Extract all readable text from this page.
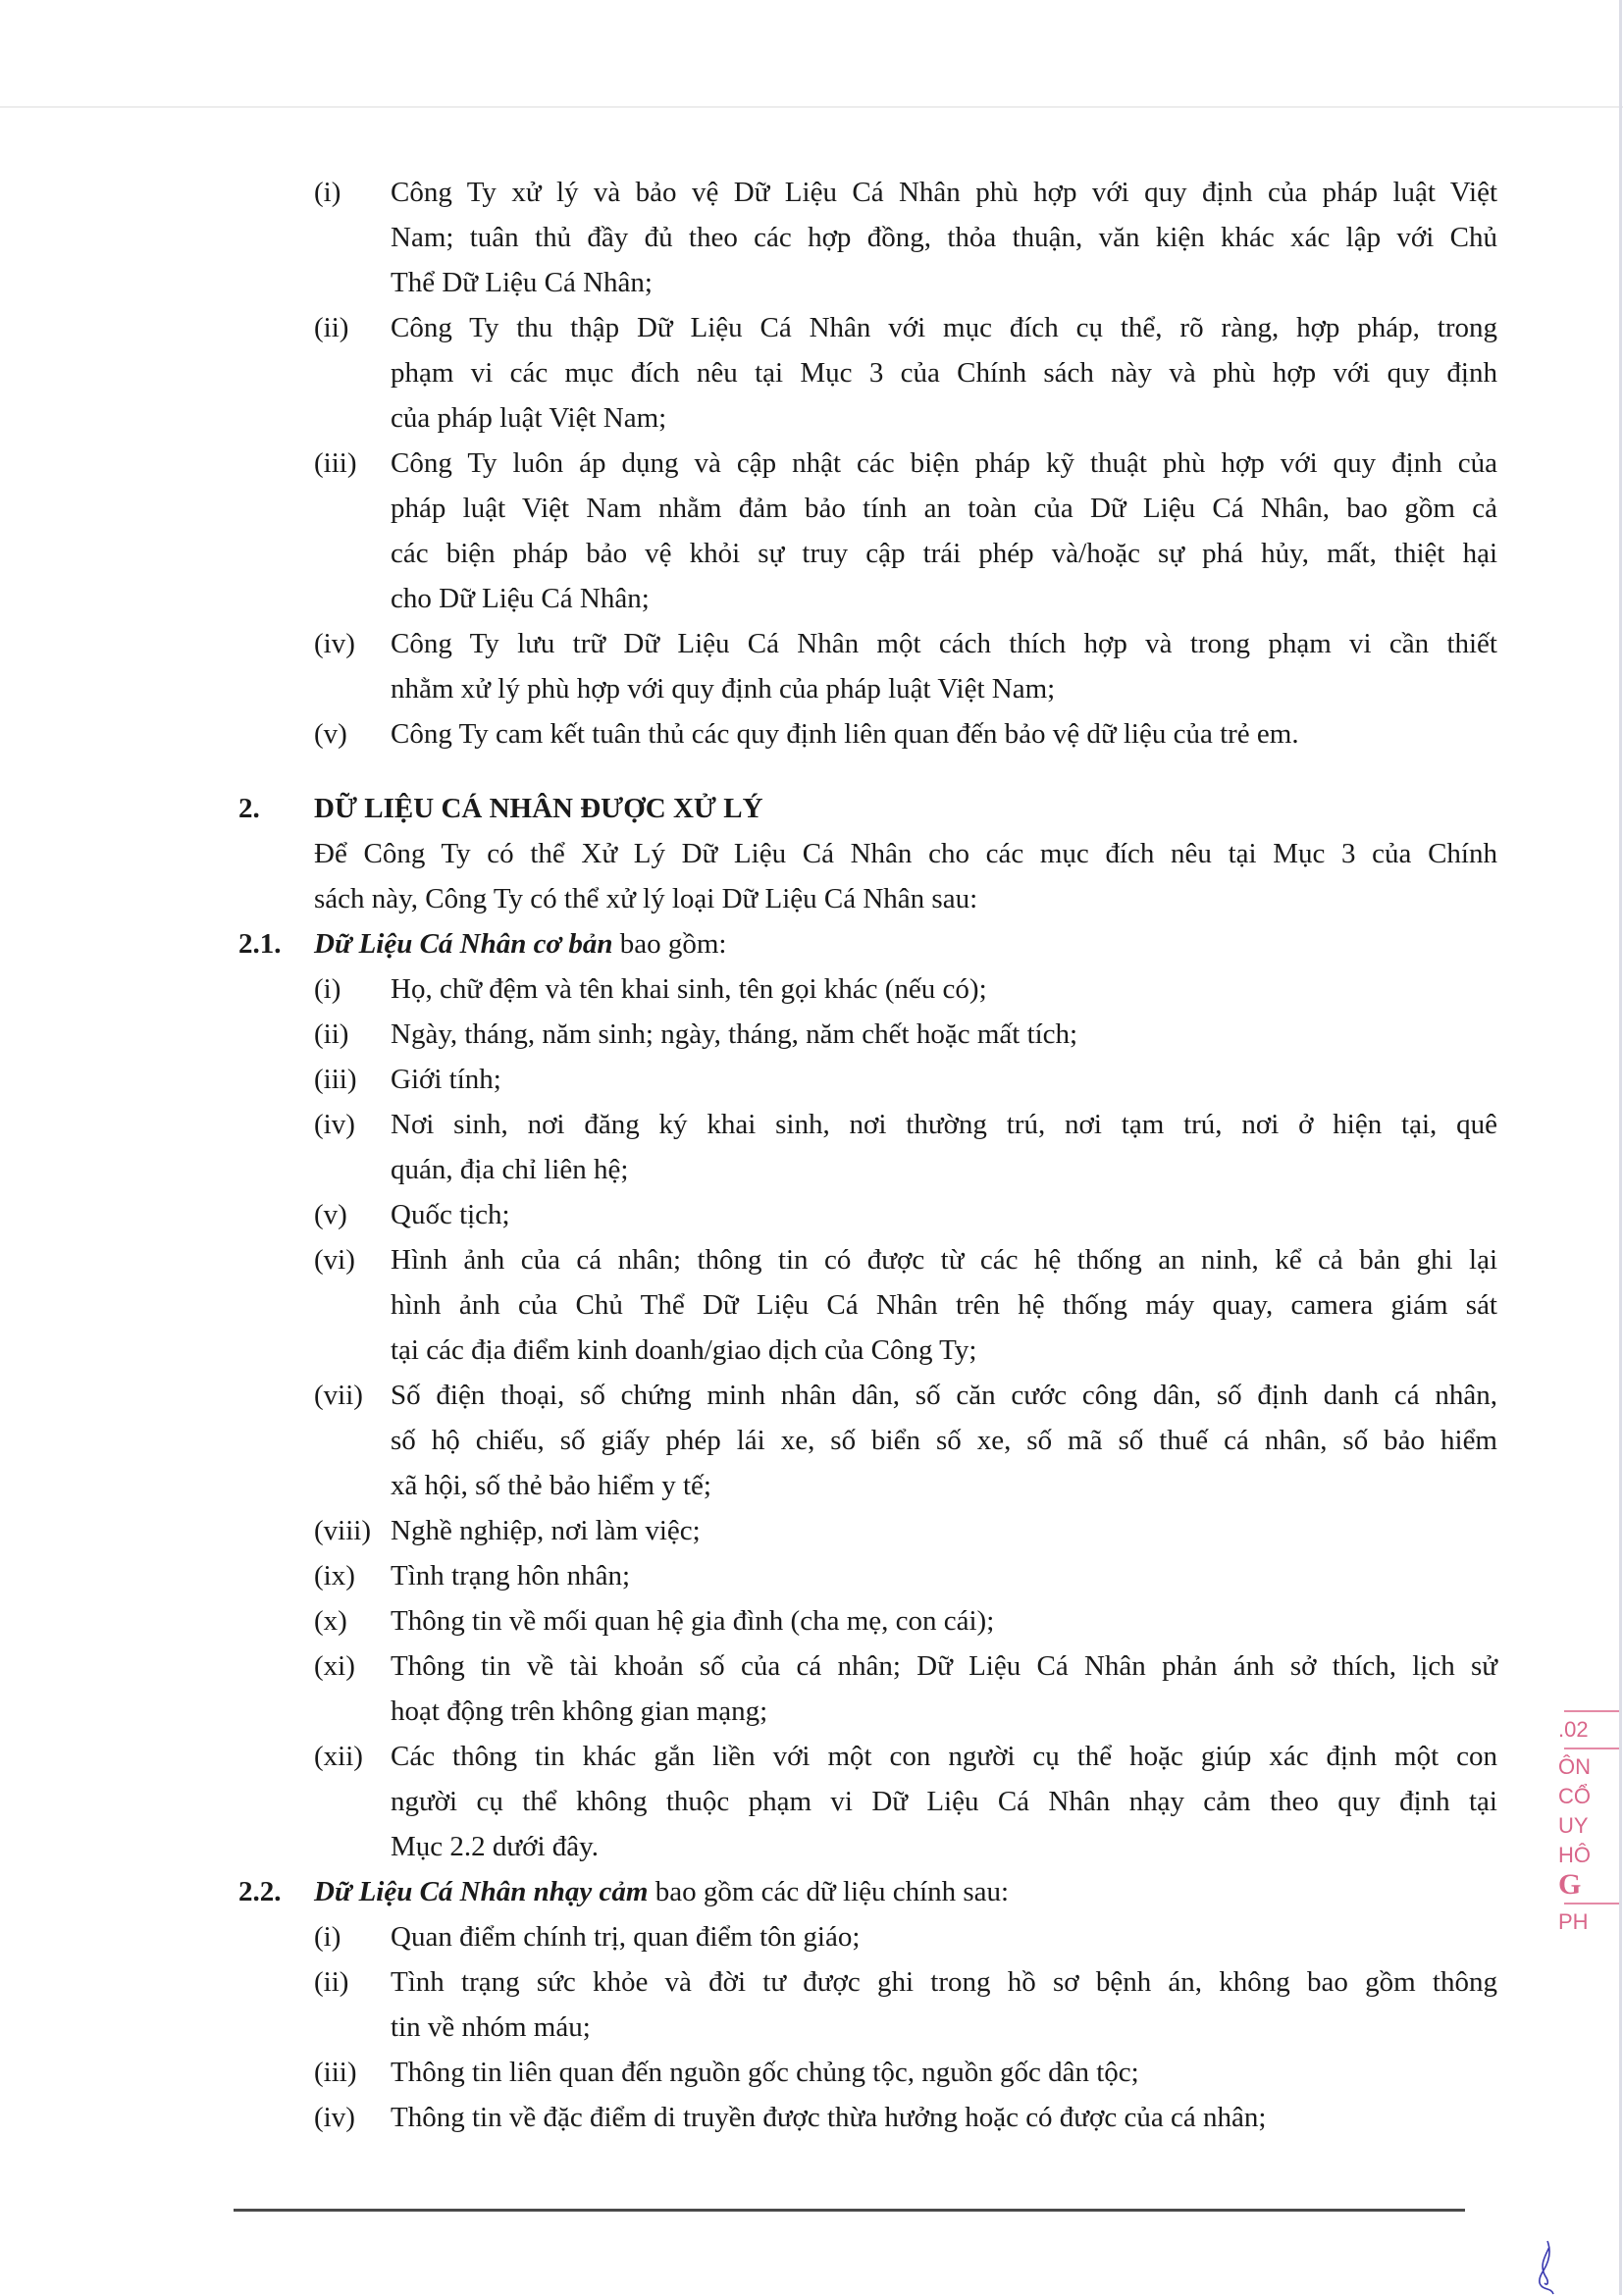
(i) Công Ty xử lý và bảo vệ Dữ Liệu Cá Nhân phù hợp với quy định của pháp luật Việt
Nam; tuân thủ đầy đủ theo các hợp đồng, thỏa thuận, văn kiện khác xác lập với Chủ
Thể Dữ Liệu Cá Nhân;
(ii) Công Ty thu thập Dữ Liệu Cá Nhân với mục đích cụ thể, rõ ràng, hợp pháp, trong
phạm vi các mục đích nêu tại Mục 3 của Chính sách này và phù hợp với quy định
của pháp luật Việt Nam;
(iii) Công Ty luôn áp dụng và cập nhật các biện pháp kỹ thuật phù hợp với quy định của
pháp luật Việt Nam nhằm đảm bảo tính an toàn của Dữ Liệu Cá Nhân, bao gồm cả
các biện pháp bảo vệ khỏi sự truy cập trái phép và/hoặc sự phá hủy, mất, thiệt hại
cho Dữ Liệu Cá Nhân;
(iv) Công Ty lưu trữ Dữ Liệu Cá Nhân một cách thích hợp và trong phạm vi cần thiết
nhằm xử lý phù hợp với quy định của pháp luật Việt Nam;
(v) Công Ty cam kết tuân thủ các quy định liên quan đến bảo vệ dữ liệu của trẻ em.
2. DỮ LIỆU CÁ NHÂN ĐƯỢC XỬ LÝ
Để Công Ty có thể Xử Lý Dữ Liệu Cá Nhân cho các mục đích nêu tại Mục 3 của Chính
sách này, Công Ty có thể xử lý loại Dữ Liệu Cá Nhân sau:
2.1. Dữ Liệu Cá Nhân cơ bản bao gồm:
(i) Họ, chữ đệm và tên khai sinh, tên gọi khác (nếu có);
(ii) Ngày, tháng, năm sinh; ngày, tháng, năm chết hoặc mất tích;
(iii) Giới tính;
(iv) Nơi sinh, nơi đăng ký khai sinh, nơi thường trú, nơi tạm trú, nơi ở hiện tại, quê
quán, địa chỉ liên hệ;
(v) Quốc tịch;
(vi) Hình ảnh của cá nhân; thông tin có được từ các hệ thống an ninh, kể cả bản ghi lại
hình ảnh của Chủ Thể Dữ Liệu Cá Nhân trên hệ thống máy quay, camera giám sát
tại các địa điểm kinh doanh/giao dịch của Công Ty;
(vii) Số điện thoại, số chứng minh nhân dân, số căn cước công dân, số định danh cá nhân,
số hộ chiếu, số giấy phép lái xe, số biển số xe, số mã số thuế cá nhân, số bảo hiểm
xã hội, số thẻ bảo hiểm y tế;
(viii) Nghề nghiệp, nơi làm việc;
(ix) Tình trạng hôn nhân;
(x) Thông tin về mối quan hệ gia đình (cha mẹ, con cái);
(xi) Thông tin về tài khoản số của cá nhân; Dữ Liệu Cá Nhân phản ánh sở thích, lịch sử
hoạt động trên không gian mạng;
(xii) Các thông tin khác gắn liền với một con người cụ thể hoặc giúp xác định một con
người cụ thể không thuộc phạm vi Dữ Liệu Cá Nhân nhạy cảm theo quy định tại
Mục 2.2 dưới đây.
2.2. Dữ Liệu Cá Nhân nhạy cảm bao gồm các dữ liệu chính sau:
(i) Quan điểm chính trị, quan điểm tôn giáo;
(ii) Tình trạng sức khỏe và đời tư được ghi trong hồ sơ bệnh án, không bao gồm thông
tin về nhóm máu;
(iii) Thông tin liên quan đến nguồn gốc chủng tộc, nguồn gốc dân tộc;
(iv) Thông tin về đặc điểm di truyền được thừa hưởng hoặc có được của cá nhân;
.02
ÔN
CỔ
UY
HÔ
G
PH
